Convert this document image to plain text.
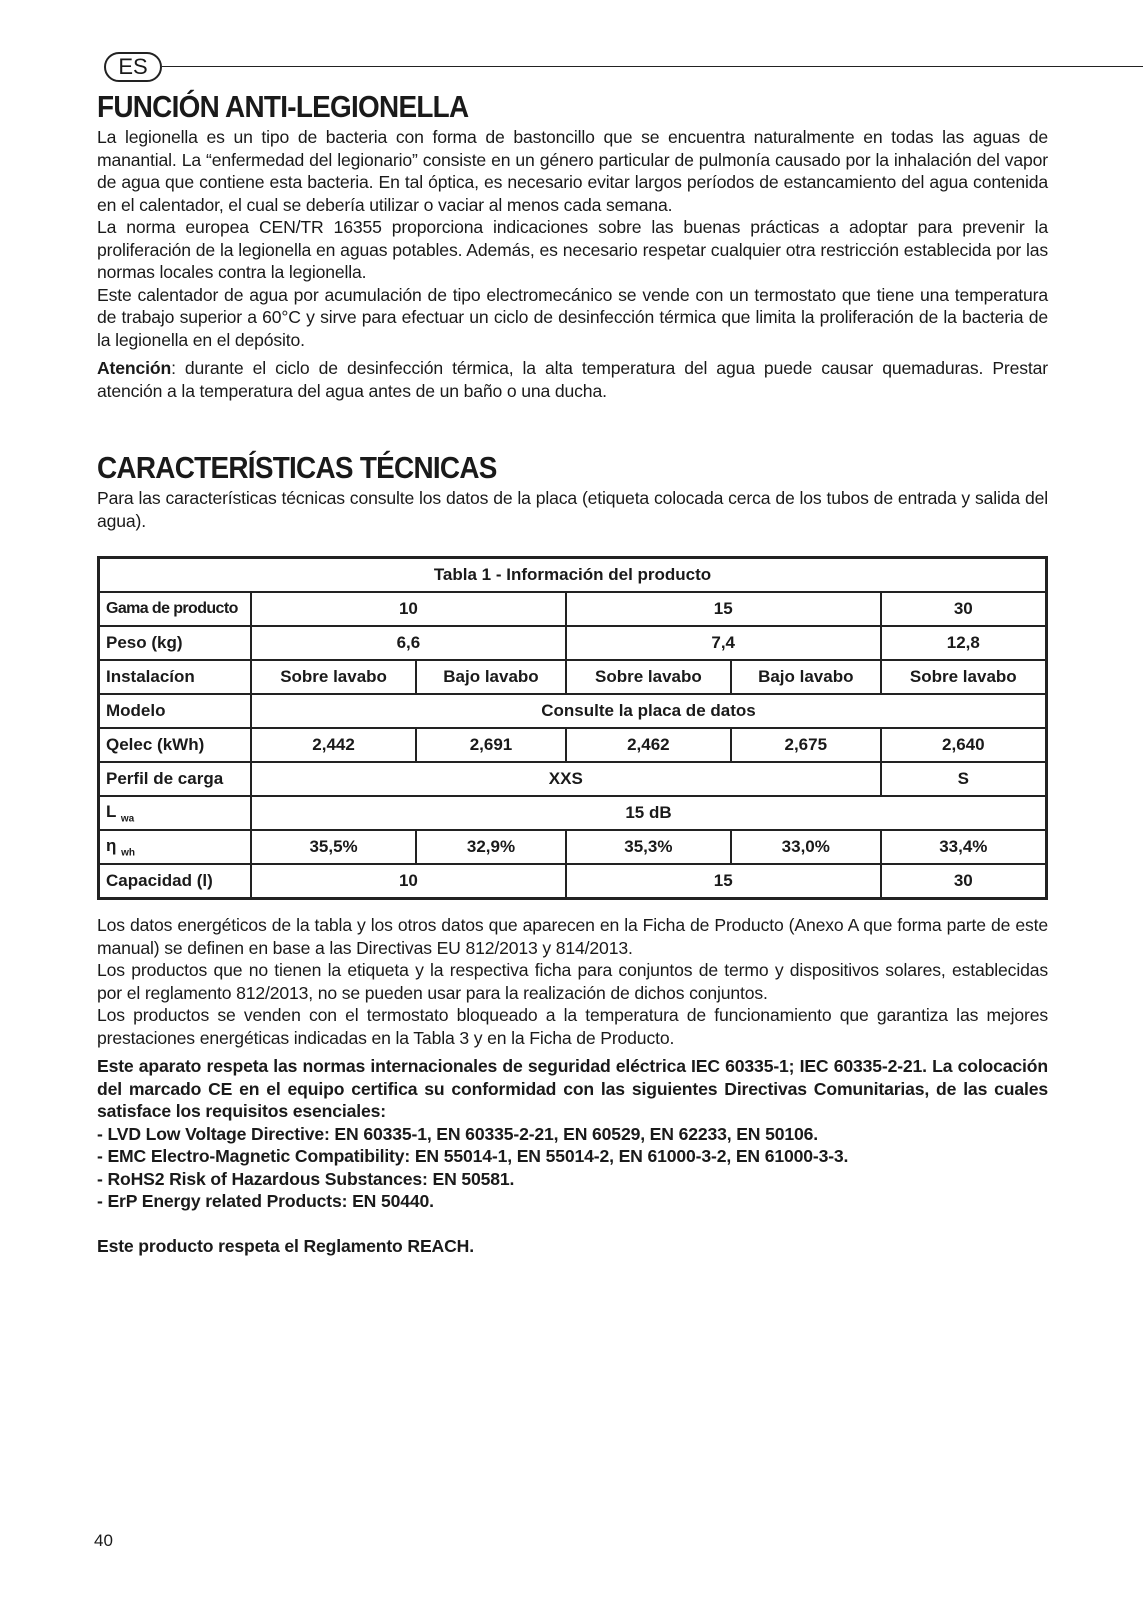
ES
FUNCIÓN ANTI-LEGIONELLA

La legionella es un tipo de bacteria con forma de bastoncillo que se encuentra naturalmente en todas las aguas de manantial. La “enfermedad del legionario” consiste en un género particular de pulmonía causado por la inhalación del vapor de agua que contiene esta bacteria. En tal óptica, es necesario evitar largos períodos de estancamiento del agua contenida en el calentador, el cual se debería utilizar o vaciar al menos cada semana.

La norma europea CEN/TR 16355 proporciona indicaciones sobre las buenas prácticas a adoptar para prevenir la proliferación de la legionella en aguas potables. Además, es necesario respetar cualquier otra restricción establecida por las normas locales contra la legionella.

Este calentador de agua por acumulación de tipo electromecánico se vende con un termostato que tiene una temperatura de trabajo superior a 60°C y sirve para efectuar un ciclo de desinfección térmica que limita la proliferación de la bacteria de la legionella en el depósito.

Atención: durante el ciclo de desinfección térmica, la alta temperatura del agua puede causar quemaduras. Prestar atención a la temperatura del agua antes de un baño o una ducha.

CARACTERÍSTICAS TÉCNICAS

Para las características técnicas consulte los datos de la placa (etiqueta colocada cerca de los tubos de entrada y salida del agua).

Tabla 1 - Información del producto					
Gama de producto	10		15		30
Peso (kg)	6,6		7,4		12,8
Instalacíon	Sobre lavabo	Bajo lavabo	Sobre lavabo	Bajo lavabo	Sobre lavabo
Modelo	Consulte la placa de datos				
Qelec (kWh)	2,442	2,691	2,462	2,675	2,640
Perfil de carga	XXS				S
L $_{wa}$	15 dB				
η $_{wh}$	35,5%	32,9%	35,3%	33,0%	33,4%
Capacidad (l)	10		15		30

Los datos energéticos de la tabla y los otros datos que aparecen en la Ficha de Producto (Anexo A que forma parte de este manual) se definen en base a las Directivas EU 812/2013 y 814/2013.

Los productos que no tienen la etiqueta y la respectiva ficha para conjuntos de termo y dispositivos solares, establecidas por el reglamento 812/2013, no se pueden usar para la realización de dichos conjuntos.

Los productos se venden con el termostato bloqueado a la temperatura de funcionamiento que garantiza las mejores prestaciones energéticas indicadas en la Tabla 3 y en la Ficha de Producto.

Este aparato respeta las normas internacionales de seguridad eléctrica IEC 60335-1; IEC 60335-2-21. La colocación del marcado CE en el equipo certifica su conformidad con las siguientes Directivas Comunitarias, de las cuales satisface los requisitos esenciales:

- LVD Low Voltage Directive: EN 60335-1, EN 60335-2-21, EN 60529, EN 62233, EN 50106.

- EMC Electro-Magnetic Compatibility: EN 55014-1, EN 55014-2, EN 61000-3-2, EN 61000-3-3.

- RoHS2 Risk of Hazardous Substances: EN 50581.

- ErP Energy related Products: EN 50440.

Este producto respeta el Reglamento REACH.

40
